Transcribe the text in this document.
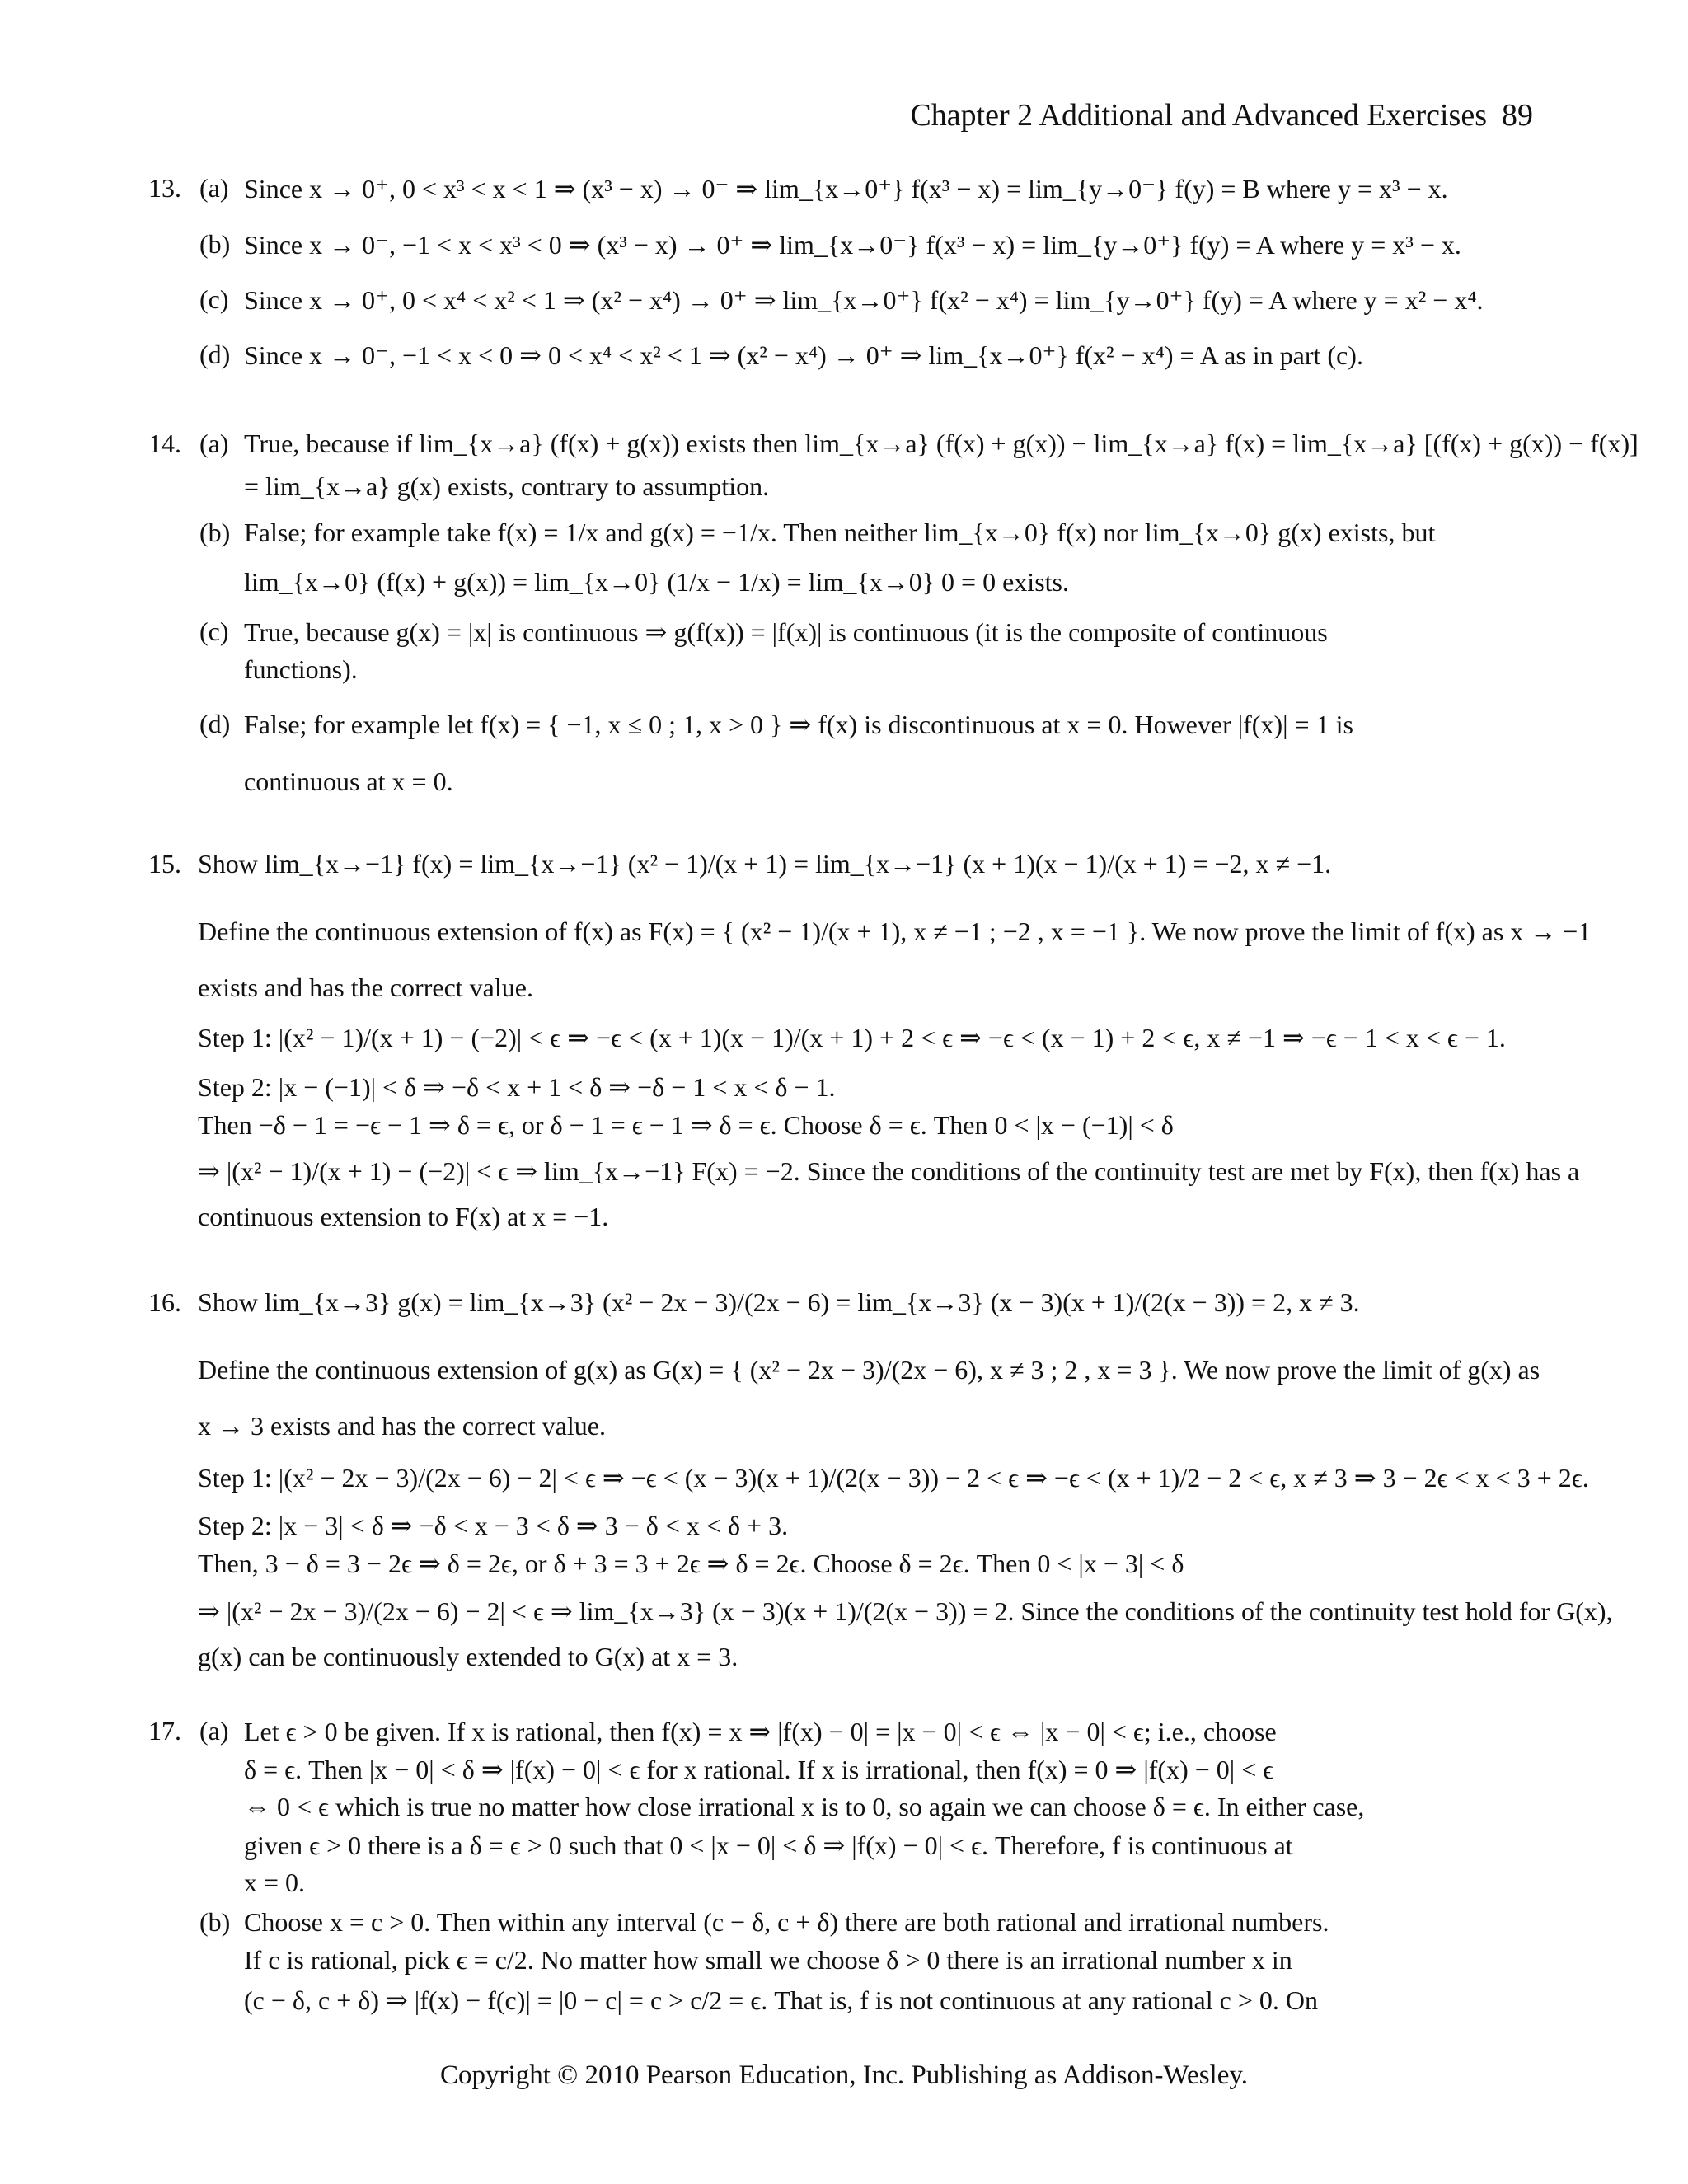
Chapter 2 Additional and Advanced Exercises 89
13. (a) Since x → 0⁺, 0 < x³ < x < 1 ⇒ (x³ − x) → 0⁻ ⇒ lim_{x→0⁺} f(x³ − x) = lim_{y→0⁻} f(y) = B where y = x³ − x.
(b) Since x → 0⁻, −1 < x < x³ < 0 ⇒ (x³ − x) → 0⁺ ⇒ lim_{x→0⁻} f(x³ − x) = lim_{y→0⁺} f(y) = A where y = x³ − x.
(c) Since x → 0⁺, 0 < x⁴ < x² < 1 ⇒ (x² − x⁴) → 0⁺ ⇒ lim_{x→0⁺} f(x² − x⁴) = lim_{y→0⁺} f(y) = A where y = x² − x⁴.
(d) Since x → 0⁻, −1 < x < 0 ⇒ 0 < x⁴ < x² < 1 ⇒ (x² − x⁴) → 0⁺ ⇒ lim_{x→0⁺} f(x² − x⁴) = A as in part (c).
14. (a) True, because if lim_{x→a} (f(x) + g(x)) exists then lim_{x→a} (f(x) + g(x)) − lim_{x→a} f(x) = lim_{x→a} [(f(x) + g(x)) − f(x)]
= lim_{x→a} g(x) exists, contrary to assumption.
(b) False; for example take f(x) = 1/x and g(x) = −1/x. Then neither lim_{x→0} f(x) nor lim_{x→0} g(x) exists, but
lim_{x→0} (f(x) + g(x)) = lim_{x→0} (1/x − 1/x) = lim_{x→0} 0 = 0 exists.
(c) True, because g(x) = |x| is continuous ⇒ g(f(x)) = |f(x)| is continuous (it is the composite of continuous
functions).
(d) False; for example let f(x) = { −1, x ≤ 0 ; 1, x > 0 } ⇒ f(x) is discontinuous at x = 0. However |f(x)| = 1 is
continuous at x = 0.
15. Show lim_{x→−1} f(x) = lim_{x→−1} (x² − 1)/(x + 1) = lim_{x→−1} (x + 1)(x − 1)/(x + 1) = −2, x ≠ −1.
Define the continuous extension of f(x) as F(x) = { (x² − 1)/(x + 1), x ≠ −1 ; −2 , x = −1 }. We now prove the limit of f(x) as x → −1
exists and has the correct value.
Step 1: |(x² − 1)/(x + 1) − (−2)| < ϵ ⇒ −ϵ < (x + 1)(x − 1)/(x + 1) + 2 < ϵ ⇒ −ϵ < (x − 1) + 2 < ϵ, x ≠ −1 ⇒ −ϵ − 1 < x < ϵ − 1.
Step 2: |x − (−1)| < δ ⇒ −δ < x + 1 < δ ⇒ −δ − 1 < x < δ − 1.
Then −δ − 1 = −ϵ − 1 ⇒ δ = ϵ, or δ − 1 = ϵ − 1 ⇒ δ = ϵ. Choose δ = ϵ. Then 0 < |x − (−1)| < δ
⇒ |(x² − 1)/(x + 1) − (−2)| < ϵ ⇒ lim_{x→−1} F(x) = −2. Since the conditions of the continuity test are met by F(x), then f(x) has a
continuous extension to F(x) at x = −1.
16. Show lim_{x→3} g(x) = lim_{x→3} (x² − 2x − 3)/(2x − 6) = lim_{x→3} (x − 3)(x + 1)/(2(x − 3)) = 2, x ≠ 3.
Define the continuous extension of g(x) as G(x) = { (x² − 2x − 3)/(2x − 6), x ≠ 3 ; 2 , x = 3 }. We now prove the limit of g(x) as
x → 3 exists and has the correct value.
Step 1: |(x² − 2x − 3)/(2x − 6) − 2| < ϵ ⇒ −ϵ < (x − 3)(x + 1)/(2(x − 3)) − 2 < ϵ ⇒ −ϵ < (x + 1)/2 − 2 < ϵ, x ≠ 3 ⇒ 3 − 2ϵ < x < 3 + 2ϵ.
Step 2: |x − 3| < δ ⇒ −δ < x − 3 < δ ⇒ 3 − δ < x < δ + 3.
Then, 3 − δ = 3 − 2ϵ ⇒ δ = 2ϵ, or δ + 3 = 3 + 2ϵ ⇒ δ = 2ϵ. Choose δ = 2ϵ. Then 0 < |x − 3| < δ
⇒ |(x² − 2x − 3)/(2x − 6) − 2| < ϵ ⇒ lim_{x→3} (x − 3)(x + 1)/(2(x − 3)) = 2. Since the conditions of the continuity test hold for G(x),
g(x) can be continuously extended to G(x) at x = 3.
17. (a) Let ϵ > 0 be given. If x is rational, then f(x) = x ⇒ |f(x) − 0| = |x − 0| < ϵ ⇔ |x − 0| < ϵ; i.e., choose
δ = ϵ. Then |x − 0| < δ ⇒ |f(x) − 0| < ϵ for x rational. If x is irrational, then f(x) = 0 ⇒ |f(x) − 0| < ϵ
⇔ 0 < ϵ which is true no matter how close irrational x is to 0, so again we can choose δ = ϵ. In either case,
given ϵ > 0 there is a δ = ϵ > 0 such that 0 < |x − 0| < δ ⇒ |f(x) − 0| < ϵ. Therefore, f is continuous at
x = 0.
(b) Choose x = c > 0. Then within any interval (c − δ, c + δ) there are both rational and irrational numbers.
If c is rational, pick ϵ = c/2. No matter how small we choose δ > 0 there is an irrational number x in
(c − δ, c + δ) ⇒ |f(x) − f(c)| = |0 − c| = c > c/2 = ϵ. That is, f is not continuous at any rational c > 0. On
Copyright © 2010 Pearson Education, Inc. Publishing as Addison-Wesley.
